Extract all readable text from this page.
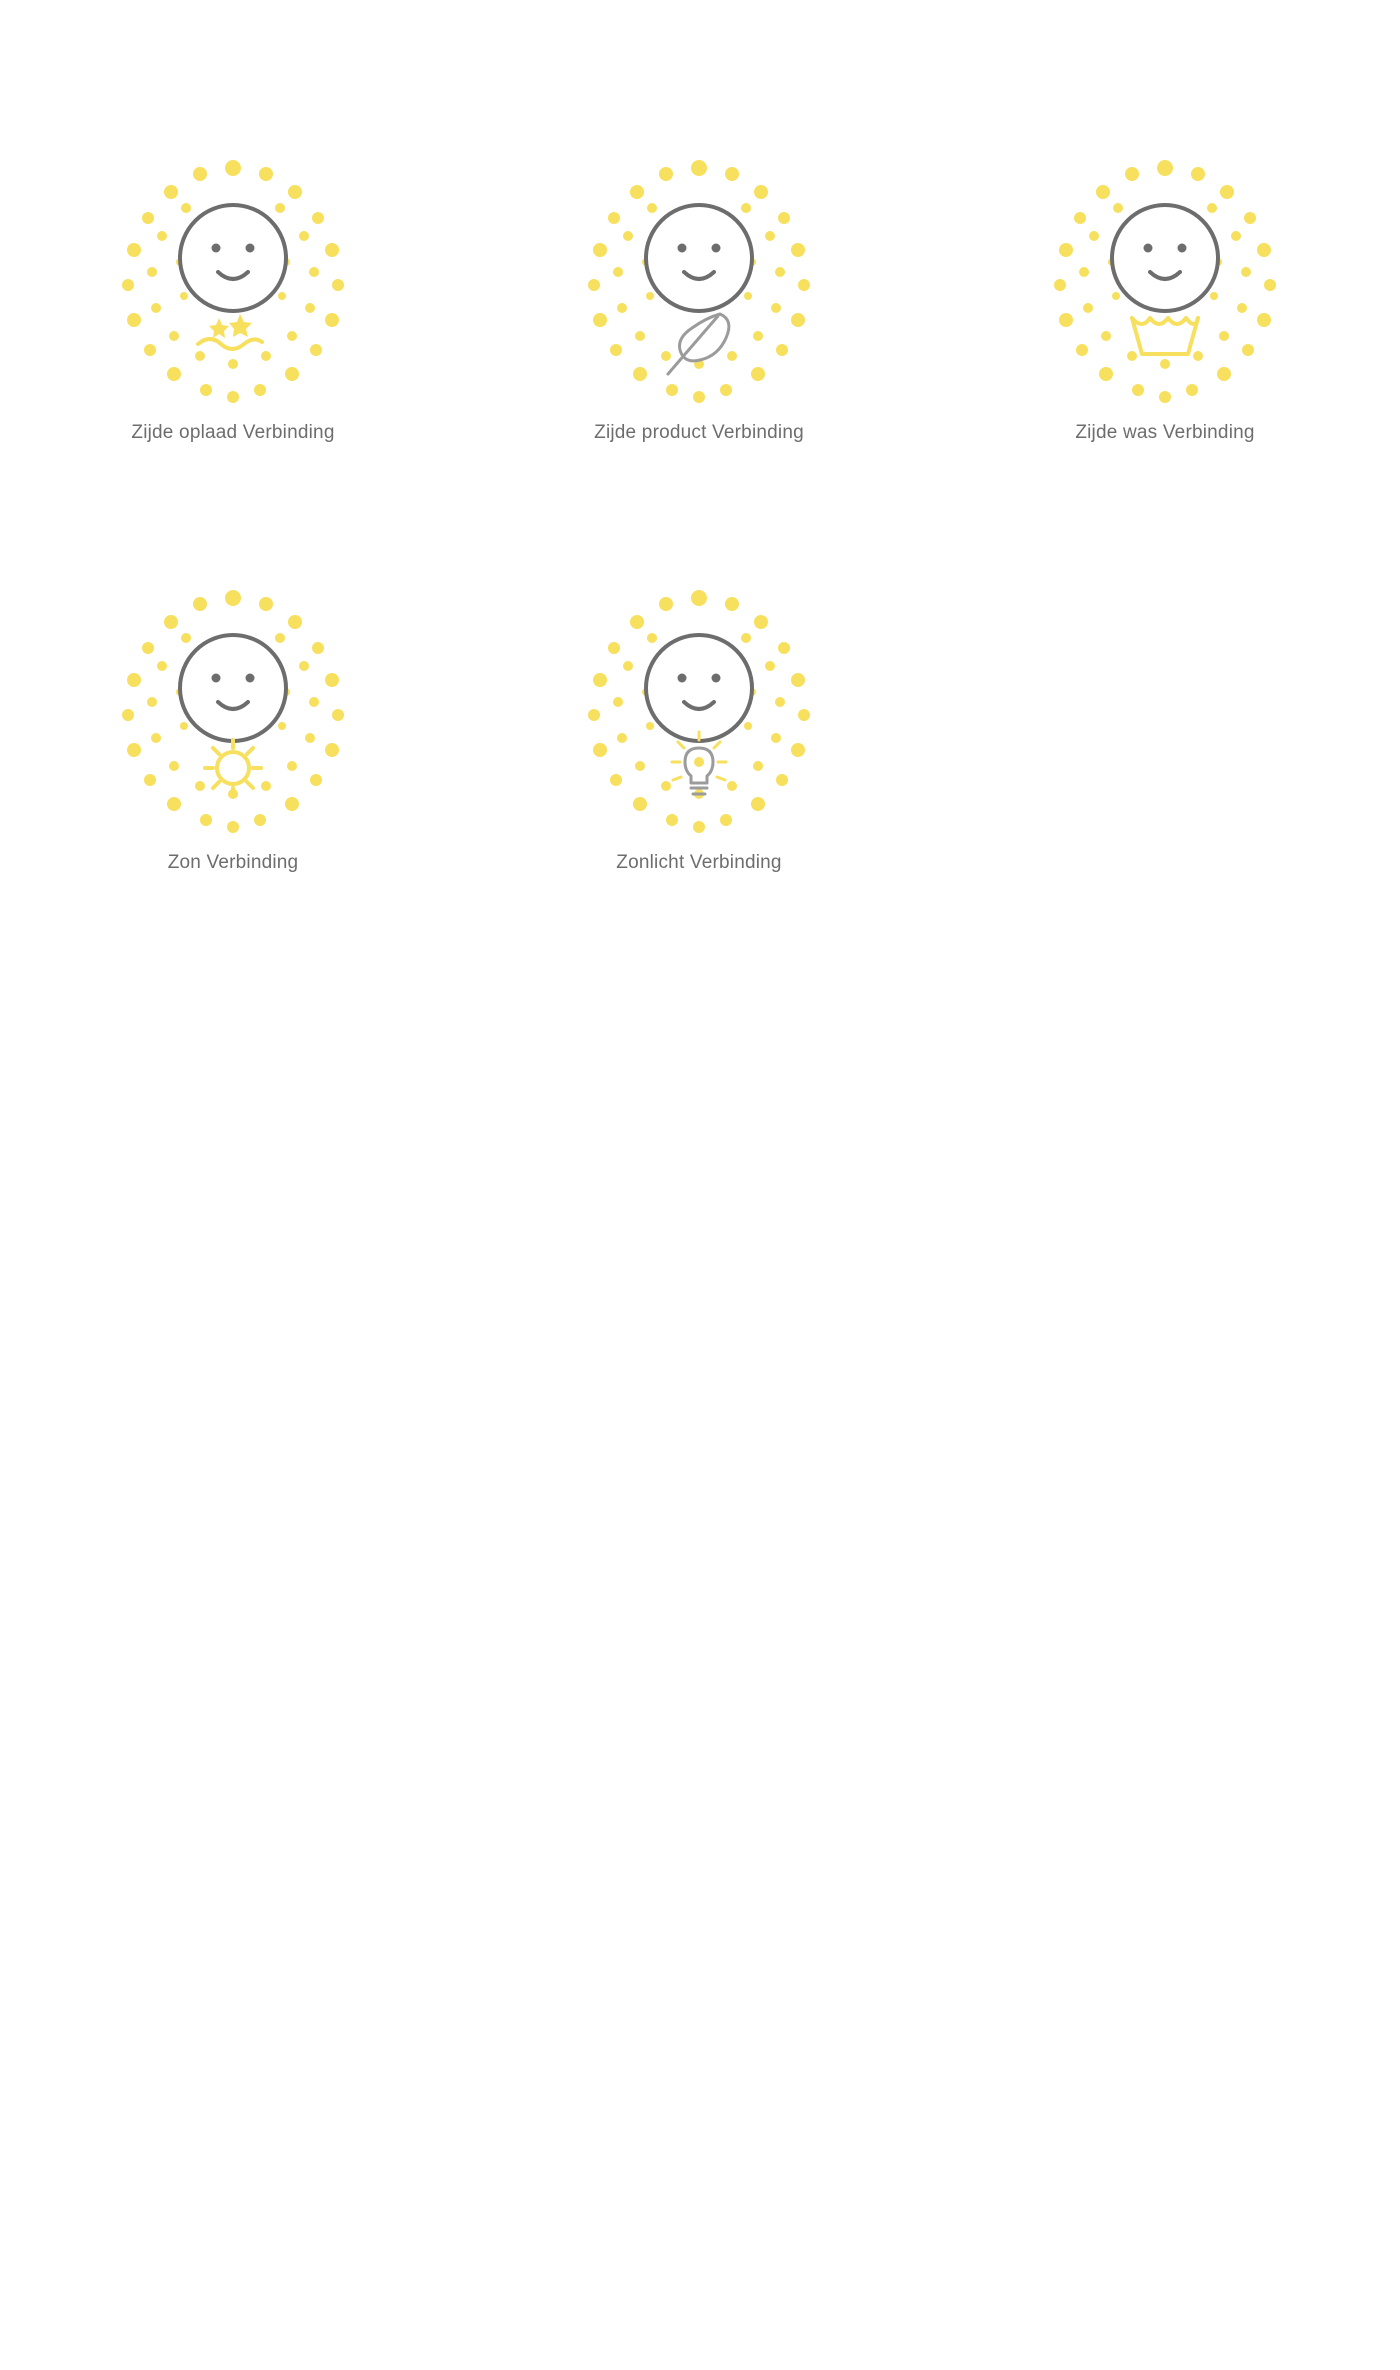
Zijde oplaad Verbinding	Zijde product Verbinding	Zijde was Verbinding
Zon Verbinding	Zonlicht Verbinding
